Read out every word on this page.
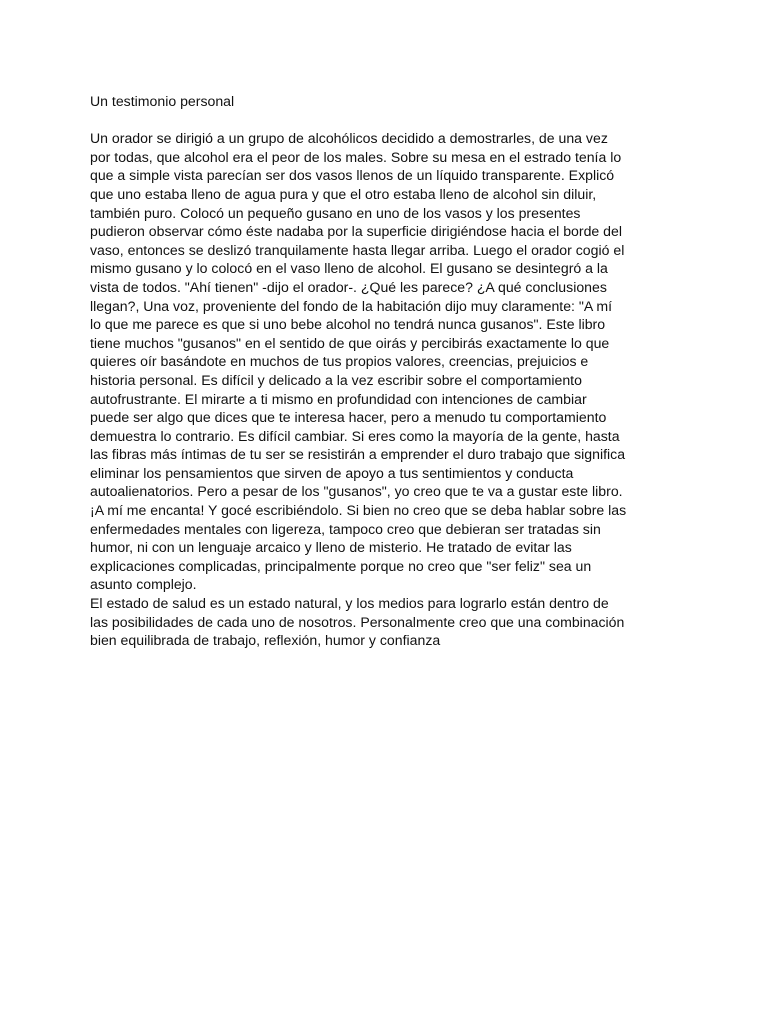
Un testimonio personal

Un orador se dirigió a un grupo de alcohólicos decidido a demostrarles, de una vez
por todas, que alcohol era el peor de los males. Sobre su mesa en el estrado tenía lo
que a simple vista parecían ser dos vasos llenos de un líquido transparente. Explicó
que uno estaba lleno de agua pura y que el otro estaba lleno de alcohol sin diluir,
también puro. Colocó un pequeño gusano en uno de los vasos y los presentes
pudieron observar cómo éste nadaba por la superficie dirigiéndose hacia el borde del
vaso, entonces se deslizó tranquilamente hasta llegar arriba. Luego el orador cogió el
mismo gusano y lo colocó en el vaso lleno de alcohol. El gusano se desintegró a la
vista de todos. "Ahí tienen" -dijo el orador-. ¿Qué les parece? ¿A qué conclusiones
llegan?, Una voz, proveniente del fondo de la habitación dijo muy claramente: "A mí
lo que me parece es que si uno bebe alcohol no tendrá nunca gusanos". Este libro
tiene muchos "gusanos" en el sentido de que oirás y percibirás exactamente lo que
quieres oír basándote en muchos de tus propios valores, creencias, prejuicios e
historia personal. Es difícil y delicado a la vez escribir sobre el comportamiento
autofrustrante. El mirarte a ti mismo en profundidad con intenciones de cambiar
puede ser algo que dices que te interesa hacer, pero a menudo tu comportamiento
demuestra lo contrario. Es difícil cambiar. Si eres como la mayoría de la gente, hasta
las fibras más íntimas de tu ser se resistirán a emprender el duro trabajo que significa
eliminar los pensamientos que sirven de apoyo a tus sentimientos y conducta
autoalienatorios. Pero a pesar de los "gusanos", yo creo que te va a gustar este libro.
¡A mí me encanta! Y gocé escribiéndolo. Si bien no creo que se deba hablar sobre las
enfermedades mentales con ligereza, tampoco creo que debieran ser tratadas sin
humor, ni con un lenguaje arcaico y lleno de misterio. He tratado de evitar las
explicaciones complicadas, principalmente porque no creo que "ser feliz" sea un
asunto complejo.
El estado de salud es un estado natural, y los medios para lograrlo están dentro de
las posibilidades de cada uno de nosotros. Personalmente creo que una combinación
bien equilibrada de trabajo, reflexión, humor y confianza
